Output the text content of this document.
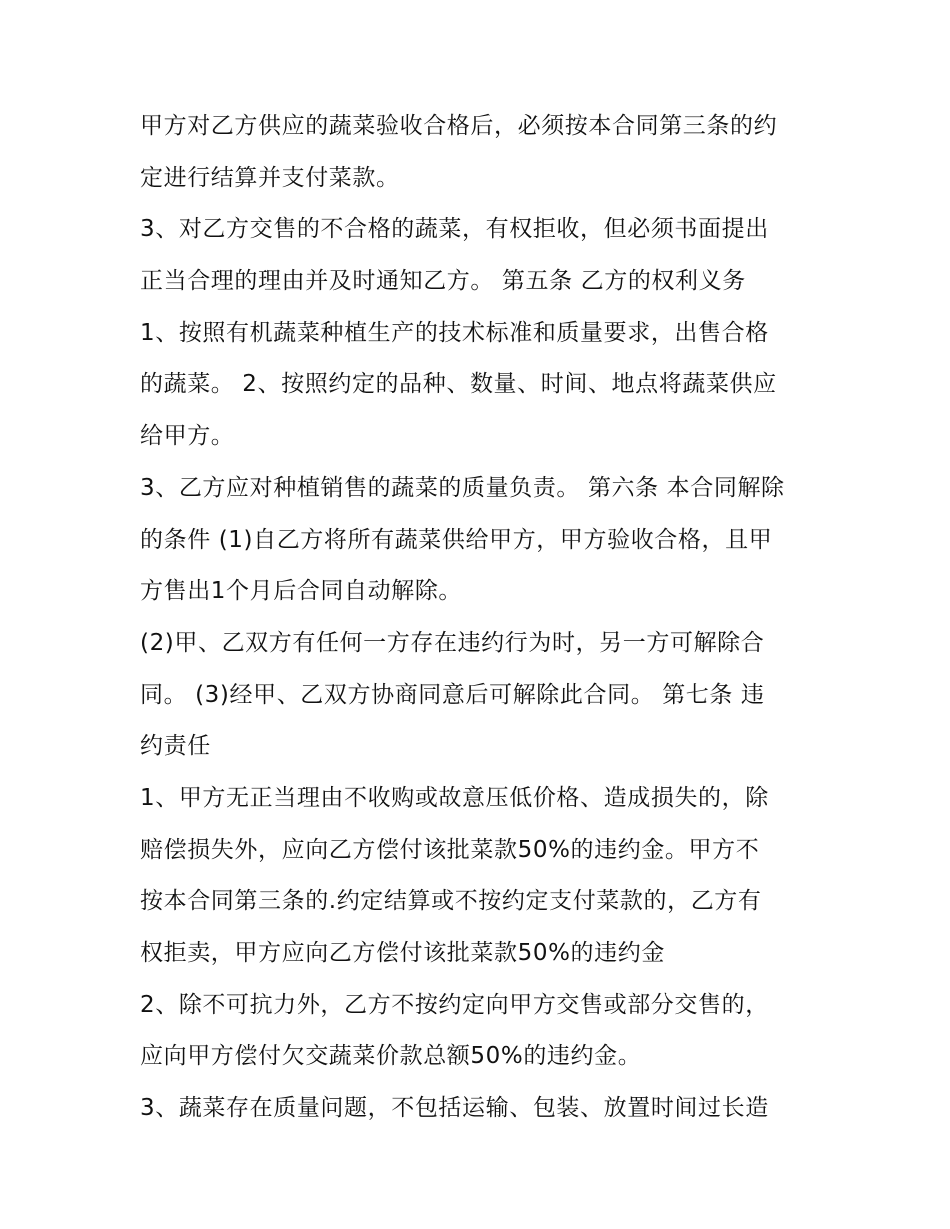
甲方对乙方供应的蔬菜验收合格后，必须按本合同第三条的约
定进行结算并支付菜款。
3、对乙方交售的不合格的蔬菜，有权拒收，但必须书面提出
正当合理的理由并及时通知乙方。 第五条 乙方的权利义务
1、按照有机蔬菜种植生产的技术标准和质量要求，出售合格
的蔬菜。 2、按照约定的品种、数量、时间、地点将蔬菜供应
给甲方。
3、乙方应对种植销售的蔬菜的质量负责。 第六条 本合同解除
的条件 (1)自乙方将所有蔬菜供给甲方，甲方验收合格，且甲
方售出1个月后合同自动解除。
(2)甲、乙双方有任何一方存在违约行为时，另一方可解除合
同。 (3)经甲、乙双方协商同意后可解除此合同。 第七条 违
约责任
1、甲方无正当理由不收购或故意压低价格、造成损失的，除
赔偿损失外，应向乙方偿付该批菜款50%的违约金。甲方不
按本合同第三条的.约定结算或不按约定支付菜款的，乙方有
权拒卖，甲方应向乙方偿付该批菜款50%的违约金
2、除不可抗力外，乙方不按约定向甲方交售或部分交售的，
应向甲方偿付欠交蔬菜价款总额50%的违约金。
3、蔬菜存在质量问题，不包括运输、包装、放置时间过长造
